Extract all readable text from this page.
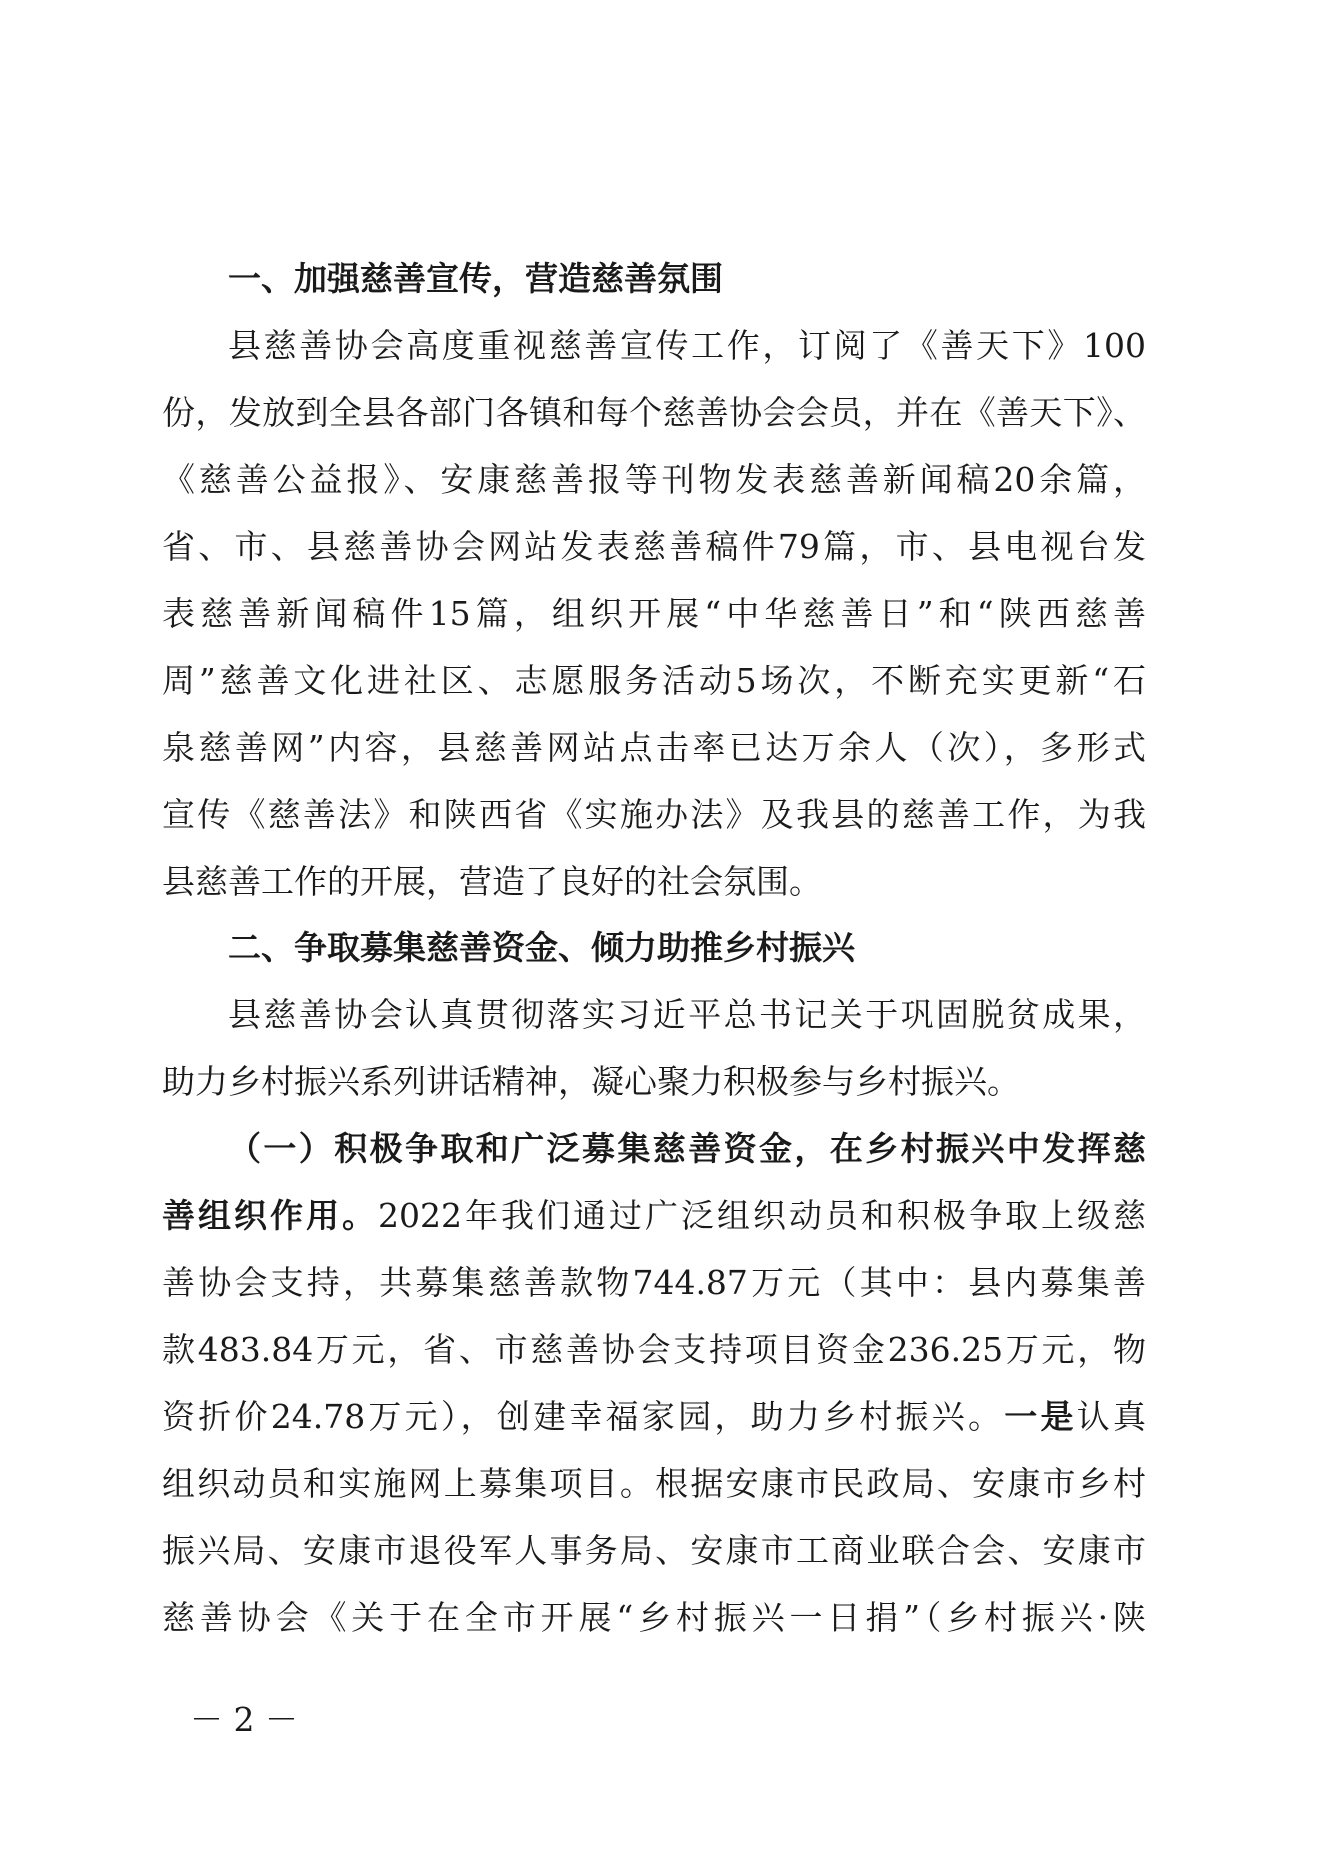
一、加强慈善宣传，营造慈善氛围

县慈善协会高度重视慈善宣传工作，订阅了《善天下》100
份，发放到全县各部门各镇和每个慈善协会会员，并在《善天下》、
《慈善公益报》、安康慈善报等刊物发表慈善新闻稿20余篇，
省、市、县慈善协会网站发表慈善稿件79篇，市、县电视台发
表慈善新闻稿件15篇，组织开展“中华慈善日”和“陕西慈善
周”慈善文化进社区、志愿服务活动5场次，不断充实更新“石
泉慈善网”内容，县慈善网站点击率已达万余人（次），多形式
宣传《慈善法》和陕西省《实施办法》及我县的慈善工作，为我
县慈善工作的开展，营造了良好的社会氛围。

二、争取募集慈善资金、倾力助推乡村振兴

县慈善协会认真贯彻落实习近平总书记关于巩固脱贫成果，
助力乡村振兴系列讲话精神，凝心聚力积极参与乡村振兴。

（一）积极争取和广泛募集慈善资金，在乡村振兴中发挥慈
善组织作用。2022年我们通过广泛组织动员和积极争取上级慈
善协会支持，共募集慈善款物744.87万元（其中：县内募集善
款483.84万元，省、市慈善协会支持项目资金236.25万元，物
资折价24.78万元），创建幸福家园，助力乡村振兴。一是认真
组织动员和实施网上募集项目。根据安康市民政局、安康市乡村
振兴局、安康市退役军人事务局、安康市工商业联合会、安康市
慈善协会《关于在全市开展“乡村振兴一日捐”（乡村振兴·陕

－ 2 －
